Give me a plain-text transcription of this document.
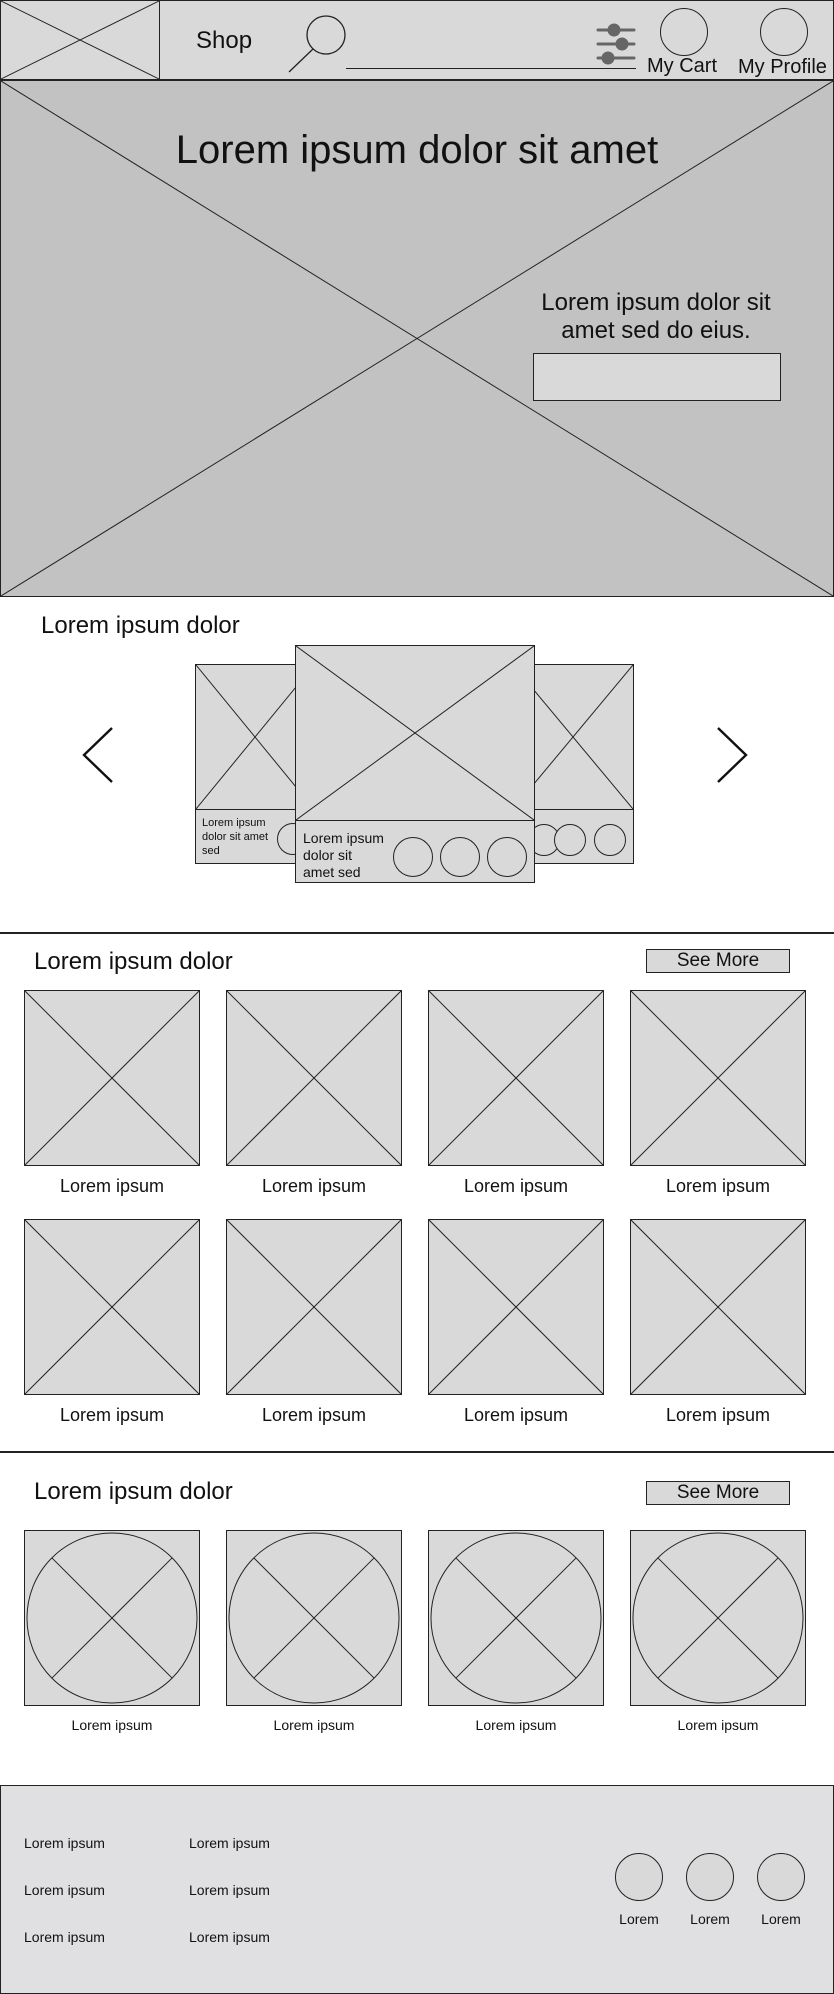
Shop
My Cart My Profile
Lorem ipsum dolor sit amet
Lorem ipsum dolor sit
amet sed do eius.
Lorem ipsum dolor
Lorem ipsum
dolor sit amet
sed
Lorem ipsum
dolor sit
amet sed
Lorem ipsum dolor	See More
Lorem ipsum	Lorem ipsum	Lorem ipsum	Lorem ipsum
Lorem ipsum	Lorem ipsum	Lorem ipsum	Lorem ipsum
Lorem ipsum dolor	See More
Lorem ipsum	Lorem ipsum	Lorem ipsum	Lorem ipsum
Lorem ipsum
Lorem ipsum
Lorem ipsum
Lorem ipsum
Lorem ipsum
Lorem ipsum
Lorem	Lorem	Lorem
